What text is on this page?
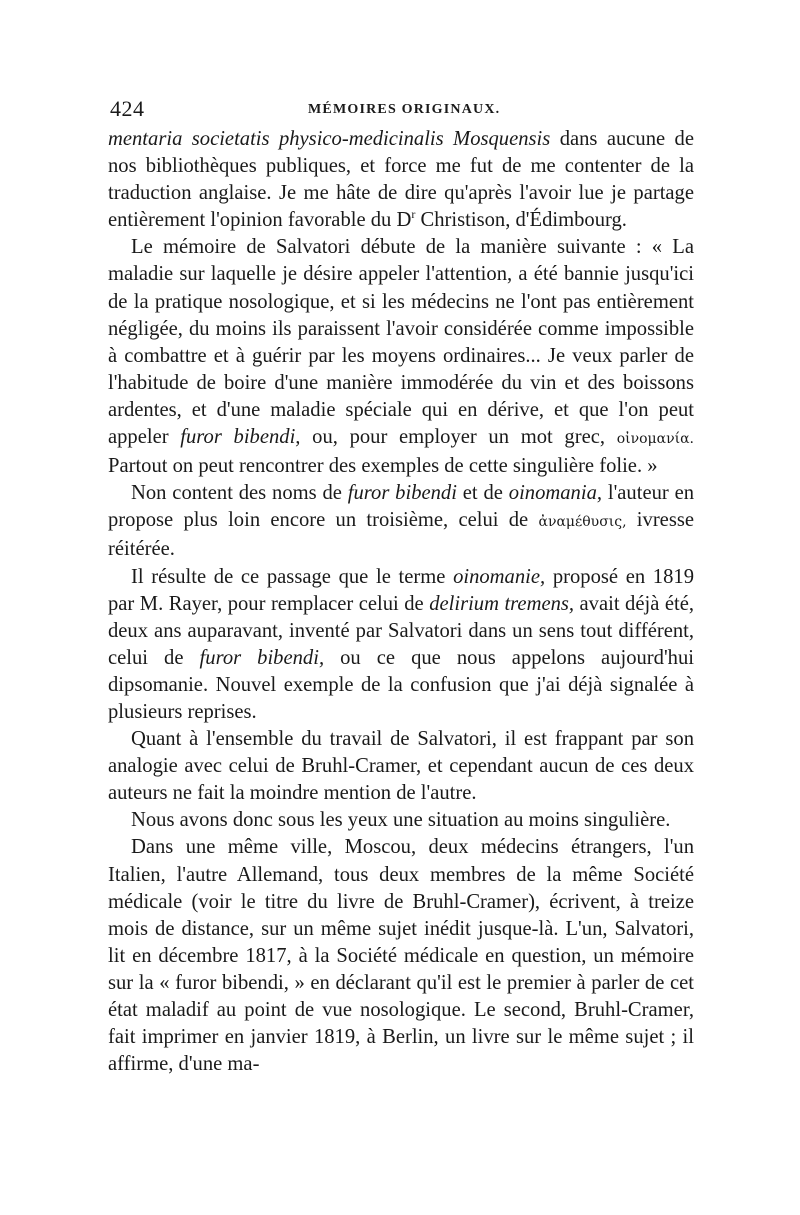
424	MÉMOIRES ORIGINAUX.

mentaria societatis physico-medicinalis Mosquensis dans aucune de nos bibliothèques publiques, et force me fut de me contenter de la traduction anglaise. Je me hâte de dire qu'après l'avoir lue je partage entièrement l'opinion favorable du $D^r$ Christison, d'Édimbourg.

Le mémoire de Salvatori débute de la manière suivante : « La maladie sur laquelle je désire appeler l'attention, a été bannie jusqu'ici de la pratique nosologique, et si les médecins ne l'ont pas entièrement négligée, du moins ils paraissent l'avoir considérée comme impossible à combattre et à guérir par les moyens ordinaires... Je veux parler de l'habitude de boire d'une manière immodérée du vin et des boissons ardentes, et d'une maladie spéciale qui en dérive, et que l'on peut appeler furor bibendi, ou, pour employer un mot grec, οἰνομανία. Partout on peut rencontrer des exemples de cette singulière folie. »

Non content des noms de furor bibendi et de oinomania, l'auteur en propose plus loin encore un troisième, celui de ἀναμέθυσις, ivresse réitérée.

Il résulte de ce passage que le terme oinomanie, proposé en 1819 par M. Rayer, pour remplacer celui de delirium tremens, avait déjà été, deux ans auparavant, inventé par Salvatori dans un sens tout différent, celui de furor bibendi, ou ce que nous appelons aujourd'hui dipsomanie. Nouvel exemple de la confusion que j'ai déjà signalée à plusieurs reprises.

Quant à l'ensemble du travail de Salvatori, il est frappant par son analogie avec celui de Bruhl-Cramer, et cependant aucun de ces deux auteurs ne fait la moindre mention de l'autre.

Nous avons donc sous les yeux une situation au moins singulière.

Dans une même ville, Moscou, deux médecins étrangers, l'un Italien, l'autre Allemand, tous deux membres de la même Société médicale (voir le titre du livre de Bruhl-Cramer), écrivent, à treize mois de distance, sur un même sujet inédit jusque-là. L'un, Salvatori, lit en décembre 1817, à la Société médicale en question, un mémoire sur la « furor bibendi, » en déclarant qu'il est le premier à parler de cet état maladif au point de vue nosologique. Le second, Bruhl-Cramer, fait imprimer en janvier 1819, à Berlin, un livre sur le même sujet ; il affirme, d'une ma-
